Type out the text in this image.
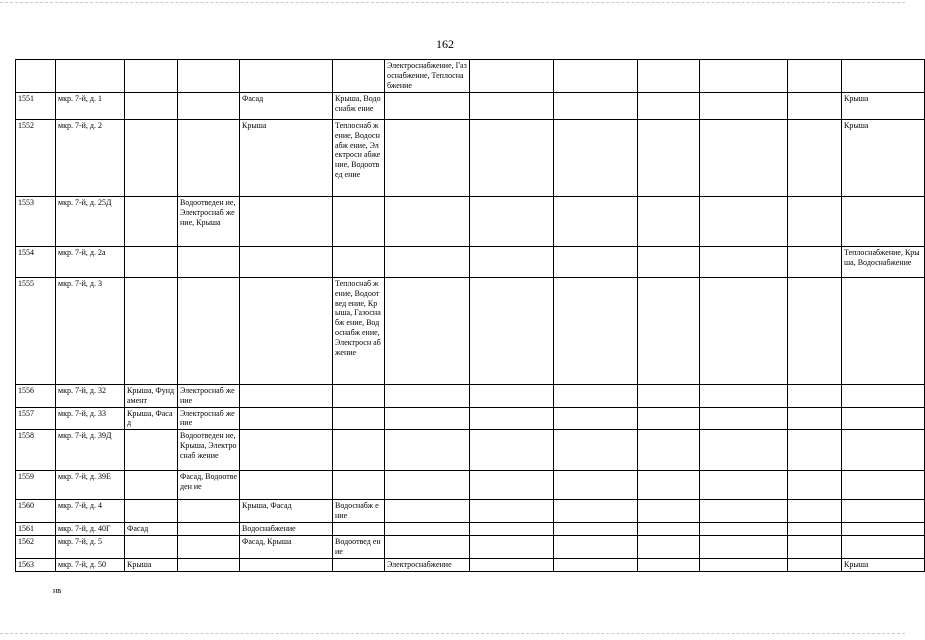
162
						Электроснабжение, Газоснабжение, Теплоснабжение						
1551	мкр. 7-й, д. 1			Фасад	Крыша, Водоснабж ение							Крыша
1552	мкр. 7-й, д. 2			Крыша	Теплоснаб жение, Водоснабж ение, Электросн абжение, Водоотвед ение							Крыша
1553	мкр. 7-й, д. 25Д		Водоотведен ие, Электроснаб жение, Крыша									
1554	мкр. 7-й, д. 2а											Теплоснабжение, Крыша, Водоснабжение
1555	мкр. 7-й, д. 3				Теплоснаб жение, Водоотвед ение, Крыша, Газоснабж ение, Водоснабж ение, Электросн абжение							
1556	мкр. 7-й, д. 32	Крыша, Фундамент	Электроснаб жение									
1557	мкр. 7-й, д. 33	Крыша, Фасад	Электроснаб жение									
1558	мкр. 7-й, д. 39Д		Водоотведен ие, Крыша, Электроснаб жение									
1559	мкр. 7-й, д. 39Е		Фасад, Водоотведен ие									
1560	мкр. 7-й, д. 4			Крыша, Фасад	Водоснабж ение							
1561	мкр. 7-й, д. 40Г	Фасад		Водоснабжение								
1562	мкр. 7-й, д. 5			Фасад, Крыша	Водоотвед ение							
1563	мкр. 7-й, д. 50	Крыша				Электроснабжение						Крыша
нв
